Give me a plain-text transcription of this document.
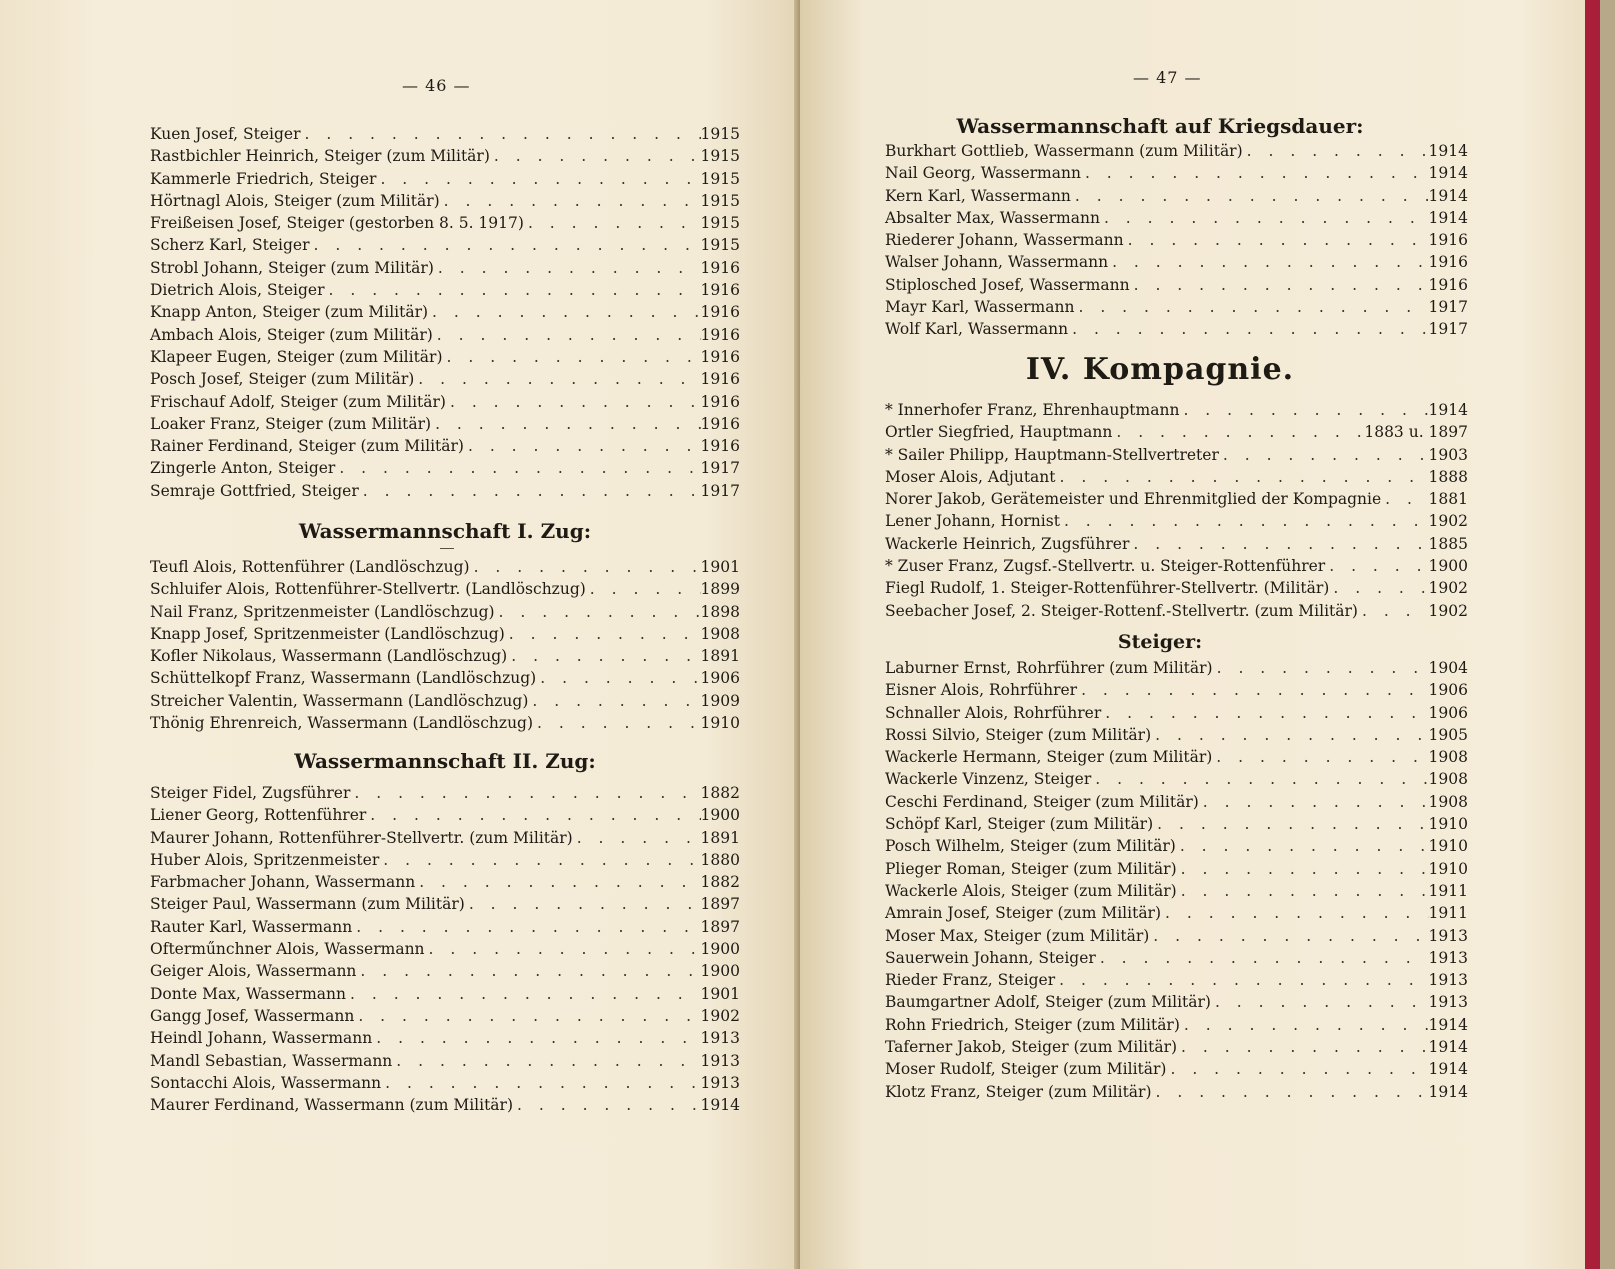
— 46 —
Kuen Josef, Steiger . . .	1915
Rastbichler Heinrich, Steiger (zum Militär) . . .	1915
Kammerle Friedrich, Steiger . . .	1915
Hörtnagl Alois, Steiger (zum Militär) . . .	1915
Freißeisen Josef, Steiger (gestorben 8. 5. 1917) . . .	1915
Scherz Karl, Steiger . . .	1915
Strobl Johann, Steiger (zum Militär) . . .	1916
Dietrich Alois, Steiger . . .	1916
Knapp Anton, Steiger (zum Militär) . . .	1916
Ambach Alois, Steiger (zum Militär) . . .	1916
Klapeer Eugen, Steiger (zum Militär) . . .	1916
Posch Josef, Steiger (zum Militär) . . .	1916
Frischauf Adolf, Steiger (zum Militär) . . .	1916
Loaker Franz, Steiger (zum Militär) . . .	1916
Rainer Ferdinand, Steiger (zum Militär) . . .	1916
Zingerle Anton, Steiger . . .	1917
Semraje Gottfried, Steiger . . .	1917
Wassermannschaft I. Zug:
Teufl Alois, Rottenführer (Landlöschzug) . . .	1901
Schluifer Alois, Rottenführer-Stellvertr. (Landlöschzug) . . .	1899
Nail Franz, Spritzenmeister (Landlöschzug) . . .	1898
Knapp Josef, Spritzenmeister (Landlöschzug) . . .	1908
Kofler Nikolaus, Wassermann (Landlöschzug) . . .	1891
Schüttelkopf Franz, Wassermann (Landlöschzug) . . .	1906
Streicher Valentin, Wassermann (Landlöschzug) . . .	1909
Thönig Ehrenreich, Wassermann (Landlöschzug) . . .	1910
Wassermannschaft II. Zug:
Steiger Fidel, Zugsführer . . .	1882
Liener Georg, Rottenführer . . .	1900
Maurer Johann, Rottenführer-Stellvertr. (zum Militär) . . .	1891
Huber Alois, Spritzenmeister . . .	1880
Farbmacher Johann, Wassermann . . .	1882
Steiger Paul, Wassermann (zum Militär) . . .	1897
Rauter Karl, Wassermann . . .	1897
Ofterműnchner Alois, Wassermann . . .	1900
Geiger Alois, Wassermann . . .	1900
Donte Max, Wassermann . . .	1901
Gangg Josef, Wassermann . . .	1902
Heindl Johann, Wassermann . . .	1913
Mandl Sebastian, Wassermann . . .	1913
Sontacchi Alois, Wassermann . . .	1913
Maurer Ferdinand, Wassermann (zum Militär) . . .	1914
— 47 —
Wassermannschaft auf Kriegsdauer:
Burkhart Gottlieb, Wassermann (zum Militär) . . .	1914
Nail Georg, Wassermann . . .	1914
Kern Karl, Wassermann . . .	1914
Absalter Max, Wassermann . . .	1914
Riederer Johann, Wassermann . . .	1916
Walser Johann, Wassermann . . .	1916
Stiplosched Josef, Wassermann . . .	1916
Mayr Karl, Wassermann . . .	1917
Wolf Karl, Wassermann . . .	1917
IV. Kompagnie.
* Innerhofer Franz, Ehrenhauptmann . . .	1914
Ortler Siegfried, Hauptmann . . .	1883 u. 1897
* Sailer Philipp, Hauptmann-Stellvertreter . . .	1903
Moser Alois, Adjutant . . .	1888
Norer Jakob, Gerätemeister und Ehrenmitglied der Kompagnie . . .	1881
Lener Johann, Hornist . . .	1902
Wackerle Heinrich, Zugsführer . . .	1885
* Zuser Franz, Zugsf.-Stellvertr. u. Steiger-Rottenführer . . .	1900
Fiegl Rudolf, 1. Steiger-Rottenführer-Stellvertr. (Militär) . . .	1902
Seebacher Josef, 2. Steiger-Rottenf.-Stellvertr. (zum Militär) . . .	1902
Steiger:
Laburner Ernst, Rohrführer (zum Militär) . . .	1904
Eisner Alois, Rohrführer . . .	1906
Schnaller Alois, Rohrführer . . .	1906
Rossi Silvio, Steiger (zum Militär) . . .	1905
Wackerle Hermann, Steiger (zum Militär) . . .	1908
Wackerle Vinzenz, Steiger . . .	1908
Ceschi Ferdinand, Steiger (zum Militär) . . .	1908
Schöpf Karl, Steiger (zum Militär) . . .	1910
Posch Wilhelm, Steiger (zum Militär) . . .	1910
Plieger Roman, Steiger (zum Militär) . . .	1910
Wackerle Alois, Steiger (zum Militär) . . .	1911
Amrain Josef, Steiger (zum Militär) . . .	1911
Moser Max, Steiger (zum Militär) . . .	1913
Sauerwein Johann, Steiger . . .	1913
Rieder Franz, Steiger . . .	1913
Baumgartner Adolf, Steiger (zum Militär) . . .	1913
Rohn Friedrich, Steiger (zum Militär) . . .	1914
Taferner Jakob, Steiger (zum Militär) . . .	1914
Moser Rudolf, Steiger (zum Militär) . . .	1914
Klotz Franz, Steiger (zum Militär) . . .	1914
